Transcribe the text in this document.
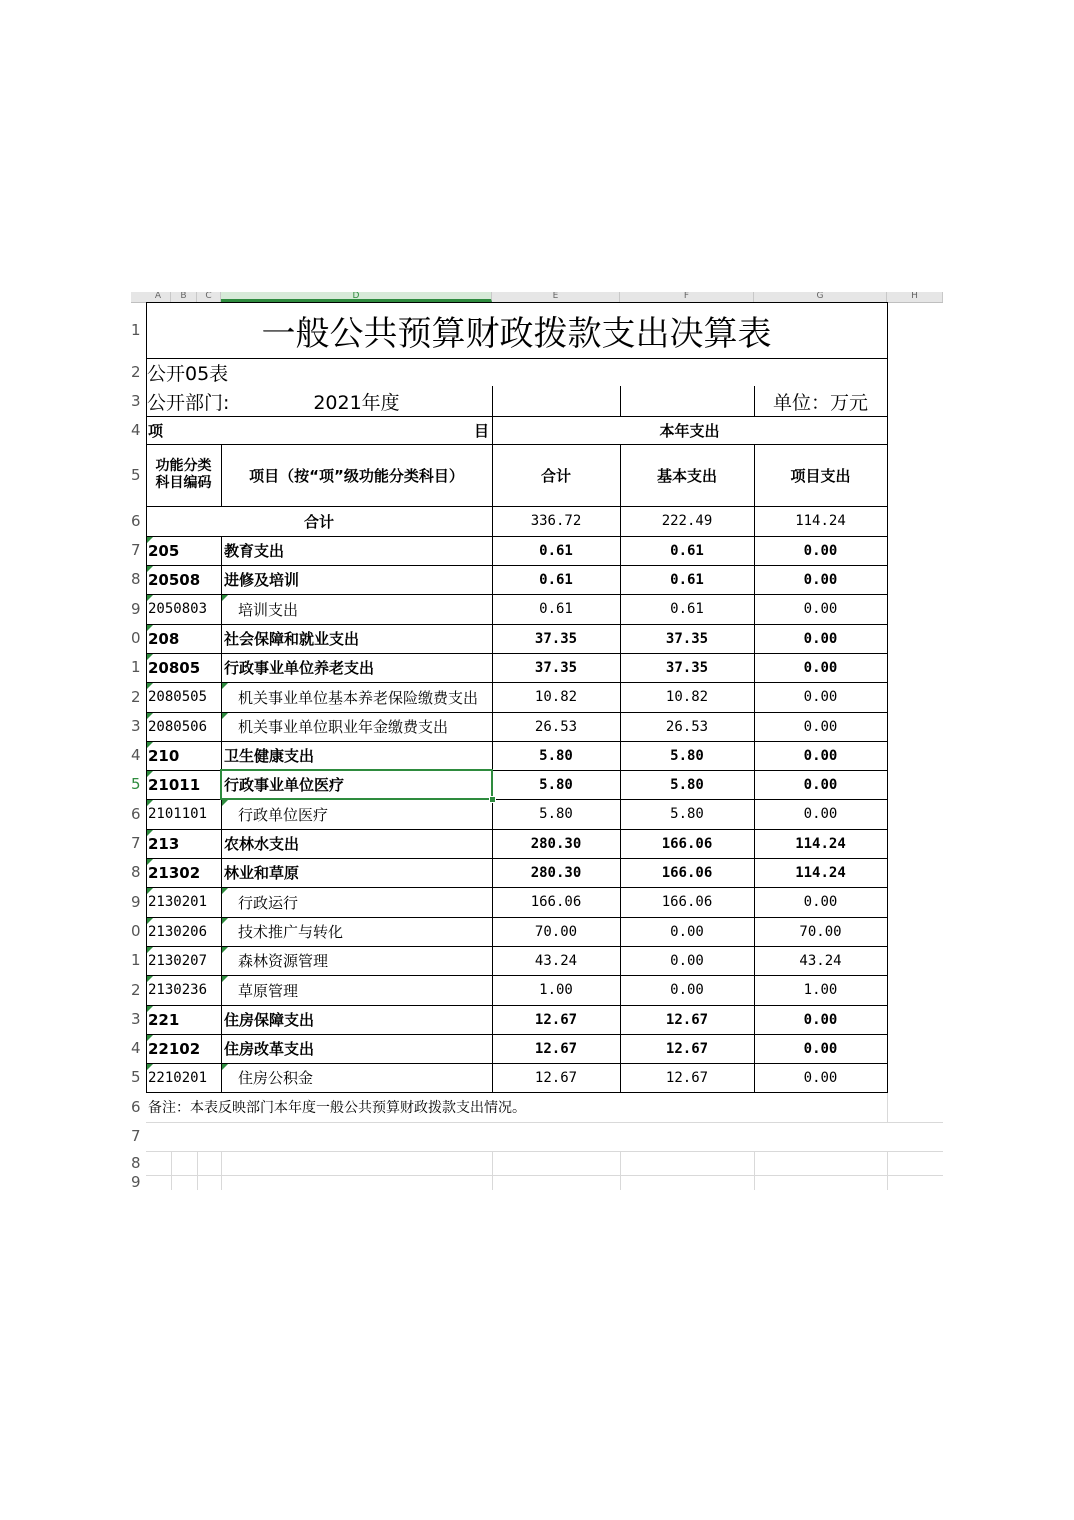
A	B	C	D	E	F	G	H
1
2
3
4
5
6
7
8
9
0
1
2
3
4
5
6
7
8
9
0
1
2
3
4
5
6
7
8
9
一般公共预算财政拨款支出决算表
公开05表
公开部门:	2021年度	单位：万元
项	目	本年支出
功能分类
科目编码	项目（按“项”级功能分类科目）	合计	基本支出	项目支出
合计	336.72	222.49	114.24
205	教育支出	0.61	0.61	0.00
20508	进修及培训	0.61	0.61	0.00
2050803	培训支出	0.61	0.61	0.00
208	社会保障和就业支出	37.35	37.35	0.00
20805	行政事业单位养老支出	37.35	37.35	0.00
2080505	机关事业单位基本养老保险缴费支出	10.82	10.82	0.00
2080506	机关事业单位职业年金缴费支出	26.53	26.53	0.00
210	卫生健康支出	5.80	5.80	0.00
21011	行政事业单位医疗	5.80	5.80	0.00
2101101	行政单位医疗	5.80	5.80	0.00
213	农林水支出	280.30	166.06	114.24
21302	林业和草原	280.30	166.06	114.24
2130201	行政运行	166.06	166.06	0.00
2130206	技术推广与转化	70.00	0.00	70.00
2130207	森林资源管理	43.24	0.00	43.24
2130236	草原管理	1.00	0.00	1.00
221	住房保障支出	12.67	12.67	0.00
22102	住房改革支出	12.67	12.67	0.00
2210201	住房公积金	12.67	12.67	0.00
备注：本表反映部门本年度一般公共预算财政拨款支出情况。
